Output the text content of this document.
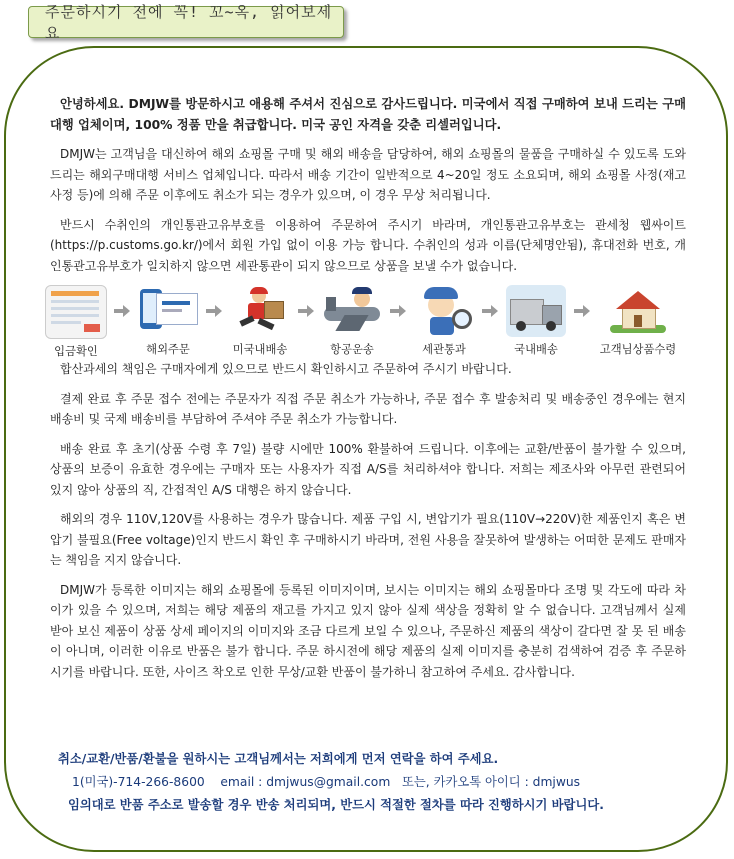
주문하시기 전에 꼭! 꼬~옥, 읽어보세요

안녕하세요. DMJW를 방문하시고 애용해 주셔서 진심으로 감사드립니다. 미국에서 직접 구매하여 보내 드리는 구매대행 업체이며, 100% 정품 만을 취급합니다. 미국 공인 자격을 갖춘 리셀러입니다.

DMJW는 고객님을 대신하여 해외 쇼핑몰 구매 및 해외 배송을 담당하여, 해외 쇼핑몰의 물품을 구매하실 수 있도록 도와 드리는 해외구매대행 서비스 업체입니다. 따라서 배송 기간이 일반적으로 4~20일 정도 소요되며, 해외 쇼핑몰 사정(재고 사정 등)에 의해 주문 이후에도 취소가 되는 경우가 있으며, 이 경우 무상 처리됩니다.

반드시 수취인의 개인통관고유부호를 이용하여 주문하여 주시기 바라며, 개인통관고유부호는 관세청 웹싸이트(https://p.customs.go.kr/)에서 회원 가입 없이 이용 가능 합니다. 수취인의 성과 이름(단체명안됨), 휴대전화 번호, 개인통관고유부호가 일치하지 않으면 세관통관이 되지 않으므로 상품을 보낼 수가 없습니다.

입금확인	해외주문	미국내배송	항공운송	세관통과	국내배송	고객님상품수령

합산과세의 책임은 구매자에게 있으므로 반드시 확인하시고 주문하여 주시기 바랍니다.

결제 완료 후 주문 접수 전에는 주문자가 직접 주문 취소가 가능하나, 주문 접수 후 발송처리 및 배송중인 경우에는 현지 배송비 및 국제 배송비를 부담하여 주셔야 주문 취소가 가능합니다.

배송 완료 후 초기(상품 수령 후 7일) 불량 시에만 100% 환불하여 드립니다. 이후에는 교환/반품이 불가할 수 있으며, 상품의 보증이 유효한 경우에는 구매자 또는 사용자가 직접 A/S를 처리하셔야 합니다. 저희는 제조사와 아무런 관련되어 있지 않아 상품의 직, 간접적인 A/S 대행은 하지 않습니다.

해외의 경우 110V,120V를 사용하는 경우가 많습니다. 제품 구입 시, 변압기가 필요(110V→220V)한 제품인지 혹은 변압기 불필요(Free voltage)인지 반드시 확인 후 구매하시기 바라며, 전원 사용을 잘못하여 발생하는 어떠한 문제도 판매자는 책임을 지지 않습니다.

DMJW가 등록한 이미지는 해외 쇼핑몰에 등록된 이미지이며, 보시는 이미지는 해외 쇼핑몰마다 조명 및 각도에 따라 차이가 있을 수 있으며, 저희는 해당 제품의 재고를 가지고 있지 않아 실제 색상을 정확히 알 수 없습니다. 고객님께서 실제 받아 보신 제품이 상품 상세 페이지의 이미지와 조금 다르게 보일 수 있으나, 주문하신 제품의 색상이 갈다면 잘 못 된 배송이 아니며, 이러한 이유로 반품은 불가 합니다. 주문 하시전에 해당 제품의 실제 이미지를 충분히 검색하여 검증 후 주문하시기를 바랍니다. 또한, 사이즈 착오로 인한 무상/교환 반품이 불가하니 참고하여 주세요. 감사합니다.

취소/교환/반품/환불을 원하시는 고객님께서는 저희에게 먼저 연락을 하여 주세요.
1(미국)-714-266-8600    email : dmjwus@gmail.com   또는, 카카오톡 아이디 : dmjwus
임의대로 반품 주소로 발송할 경우 반송 처리되며, 반드시 적절한 절차를 따라 진행하시기 바랍니다.
